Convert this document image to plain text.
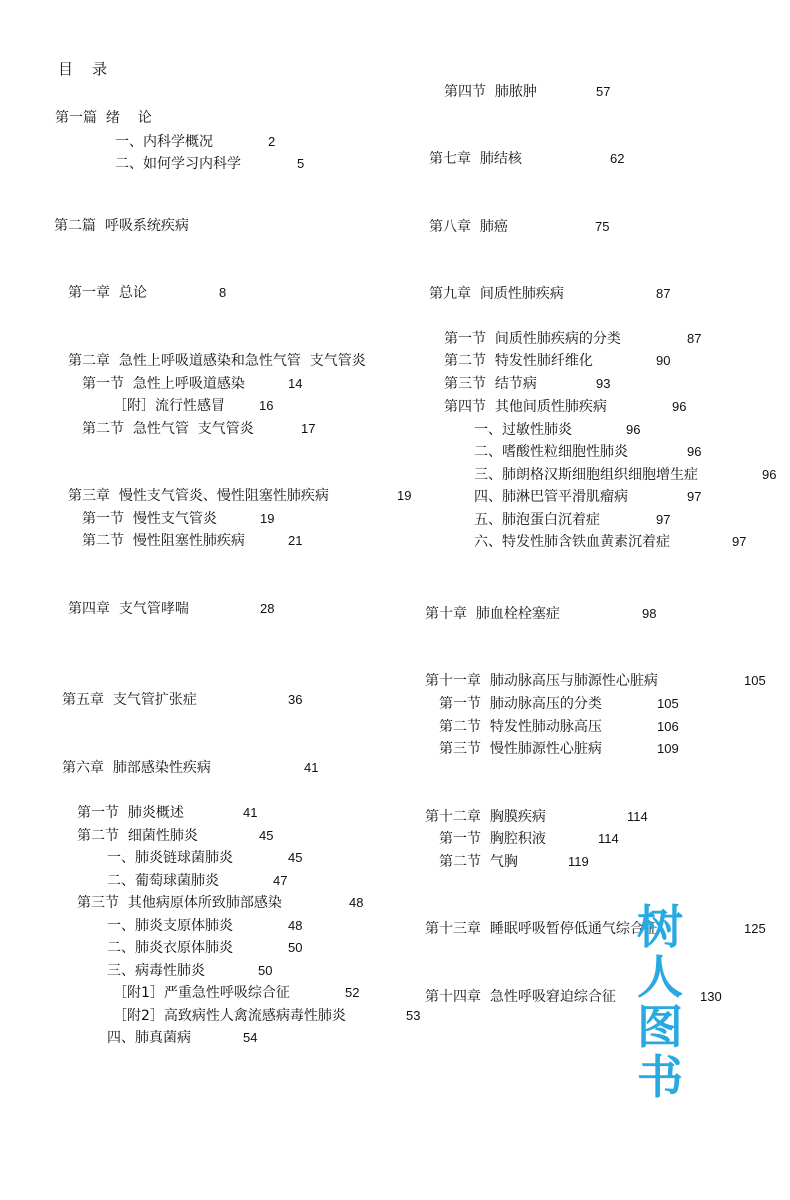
目    录
第一篇  绪    论
一、内科学概况	2
二、如何学习内科学	5
第二篇  呼吸系统疾病
第一章  总论	8
第二章  急性上呼吸道感染和急性气管  支气管炎
第一节  急性上呼吸道感染	14
［附］流行性感冒	16
第二节  急性气管  支气管炎	17
第三章  慢性支气管炎、慢性阻塞性肺疾病	19
第一节  慢性支气管炎	19
第二节  慢性阻塞性肺疾病	21
第四章  支气管哮喘	28
第五章  支气管扩张症	36
第六章  肺部感染性疾病	41
第一节  肺炎概述	41
第二节  细菌性肺炎	45
一、肺炎链球菌肺炎	45
二、葡萄球菌肺炎	47
第三节  其他病原体所致肺部感染	48
一、肺炎支原体肺炎	48
二、肺炎衣原体肺炎	50
三、病毒性肺炎	50
［附1］严重急性呼吸综合征	52
［附2］高致病性人禽流感病毒性肺炎	53
四、肺真菌病	54
第四节  肺脓肿	57
第七章  肺结核	62
第八章  肺癌	75
第九章  间质性肺疾病	87
第一节  间质性肺疾病的分类	87
第二节  特发性肺纤维化	90
第三节  结节病	93
第四节  其他间质性肺疾病	96
一、过敏性肺炎	96
二、嗜酸性粒细胞性肺炎	96
三、肺朗格汉斯细胞组织细胞增生症	96
四、肺淋巴管平滑肌瘤病	97
五、肺泡蛋白沉着症	97
六、特发性肺含铁血黄素沉着症	97
第十章  肺血栓栓塞症	98
第十一章  肺动脉高压与肺源性心脏病	105
第一节  肺动脉高压的分类	105
第二节  特发性肺动脉高压	106
第三节  慢性肺源性心脏病	109
第十二章  胸膜疾病	114
第一节  胸腔积液	114
第二节  气胸	119
第十三章  睡眠呼吸暂停低通气综合征	125
第十四章  急性呼吸窘迫综合征	130
树
人
图
书
